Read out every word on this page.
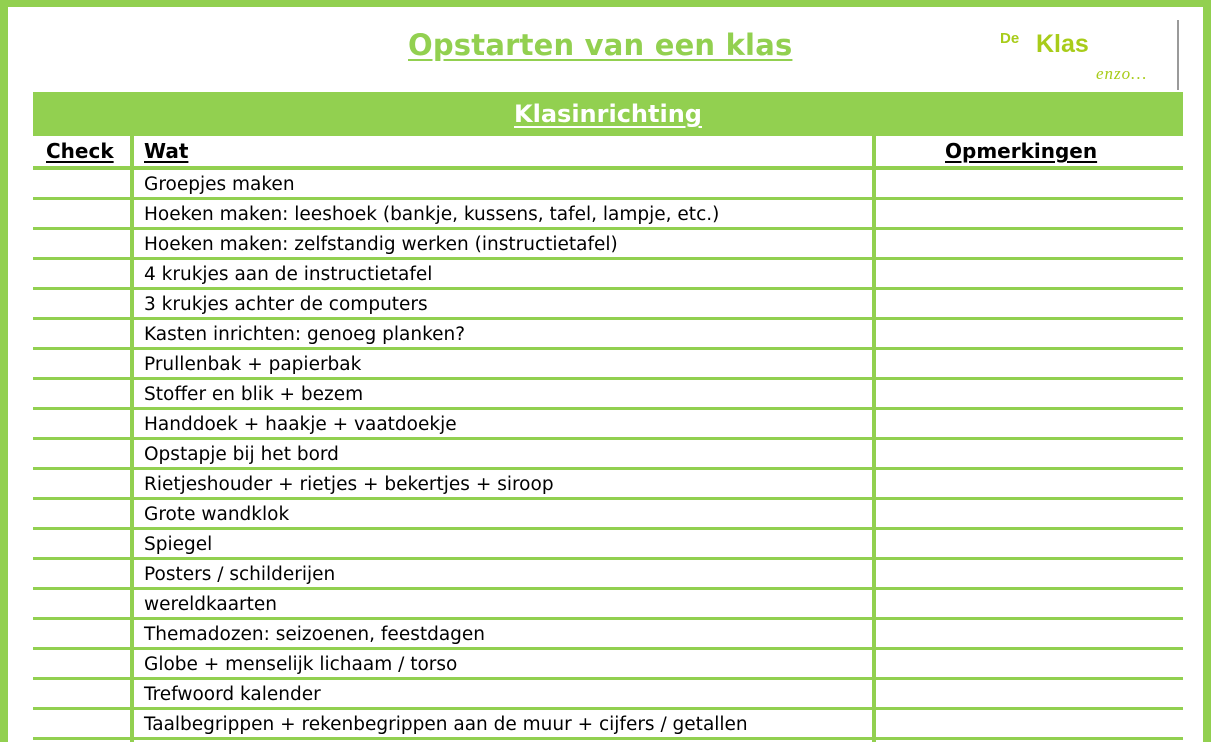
Opstarten van een klas	De Klas
enzo…
Klasinrichting
Check Wat	Opmerkingen
Groepjes maken
Hoeken maken: leeshoek (bankje, kussens, tafel, lampje, etc.)
Hoeken maken: zelfstandig werken (instructietafel)
4 krukjes aan de instructietafel
3 krukjes achter de computers
Kasten inrichten: genoeg planken?
Prullenbak + papierbak
Stoffer en blik + bezem
Handdoek + haakje + vaatdoekje
Opstapje bij het bord
Rietjeshouder + rietjes + bekertjes + siroop
Grote wandklok
Spiegel
Posters / schilderijen
wereldkaarten
Themadozen: seizoenen, feestdagen
Globe + menselijk lichaam / torso
Trefwoord kalender
Taalbegrippen + rekenbegrippen aan de muur + cijfers / getallen
